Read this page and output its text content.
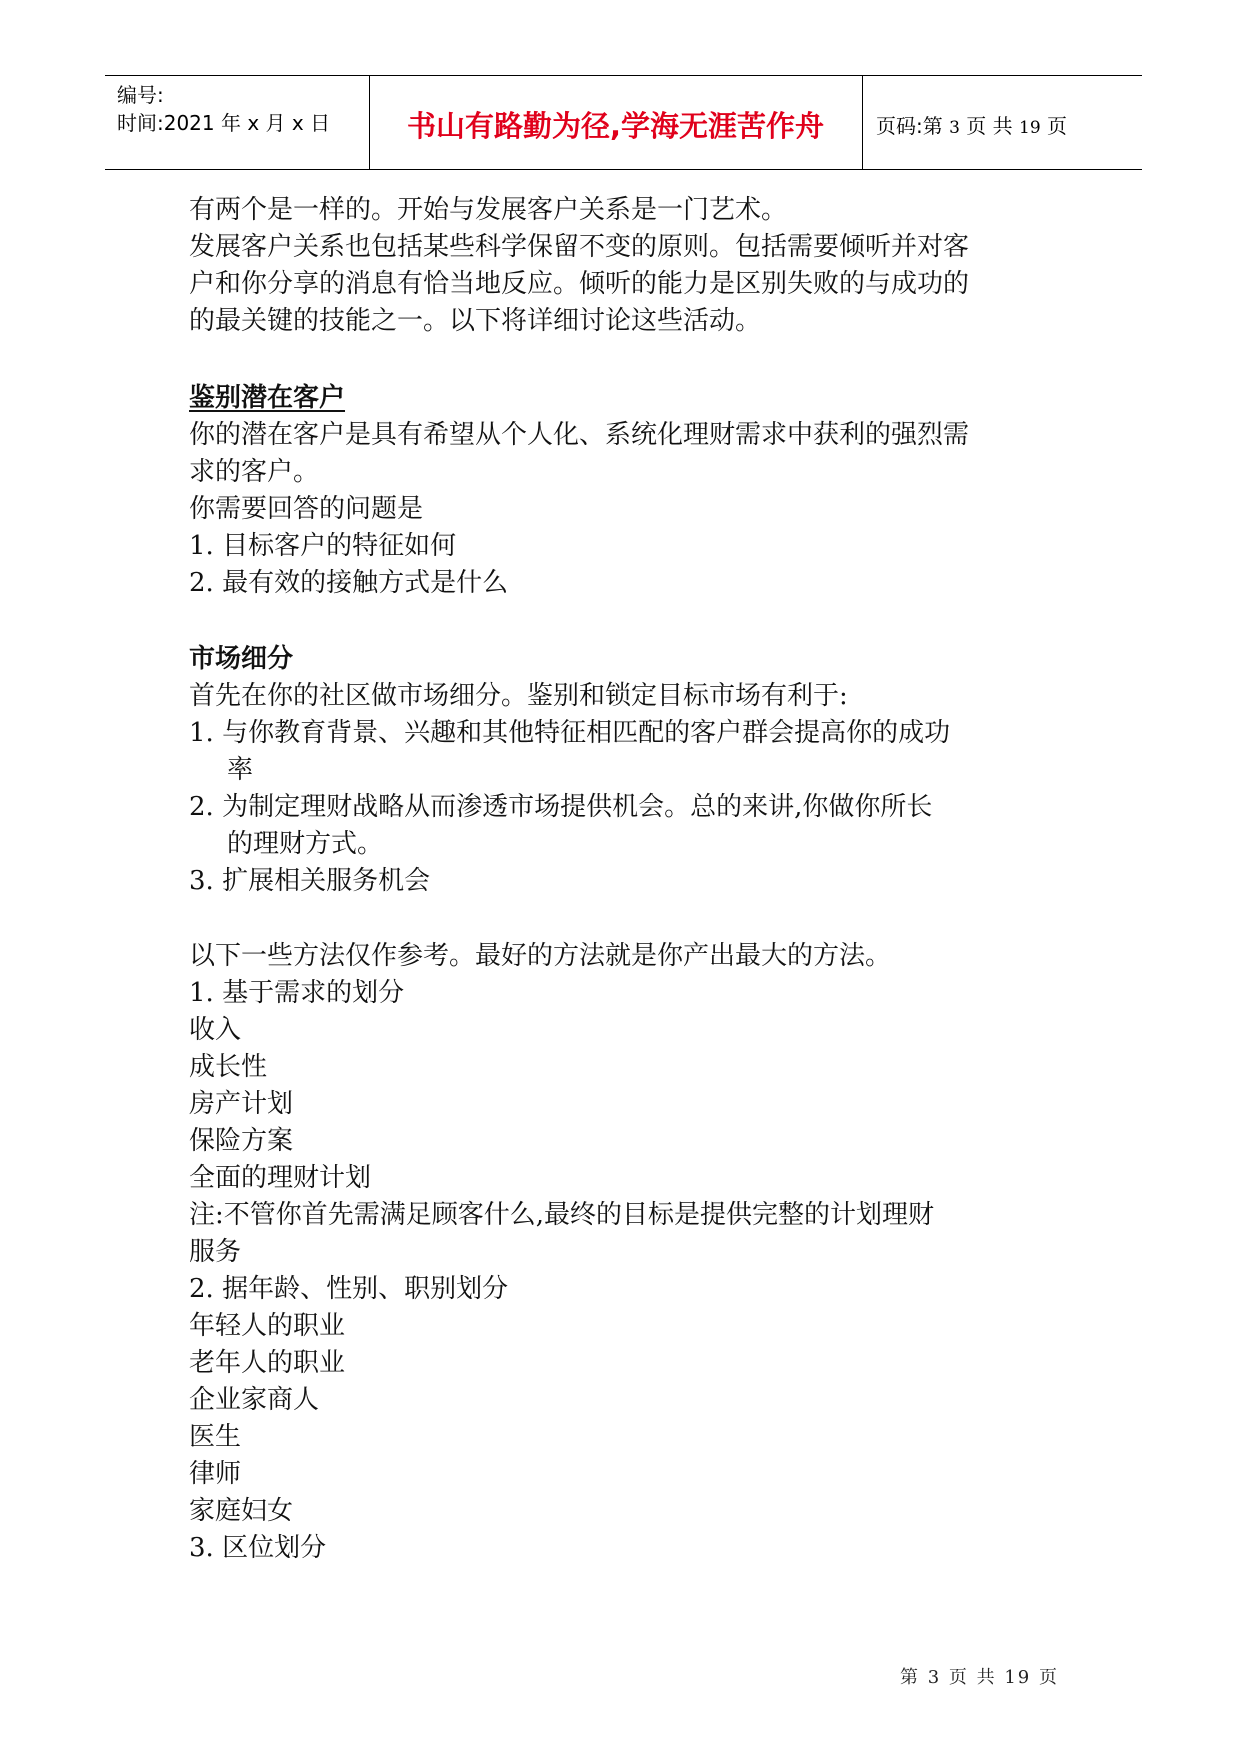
编号:
时间:2021 年 x 月 x 日	书山有路勤为径,学海无涯苦作舟	页码:第 3 页 共 19 页
有两个是一样的。开始与发展客户关系是一门艺术。
发展客户关系也包括某些科学保留不变的原则。包括需要倾听并对客
户和你分享的消息有恰当地反应。倾听的能力是区别失败的与成功的
的最关键的技能之一。以下将详细讨论这些活动。
鉴别潜在客户
你的潜在客户是具有希望从个人化、系统化理财需求中获利的强烈需
求的客户。
你需要回答的问题是
1. 目标客户的特征如何
2. 最有效的接触方式是什么
市场细分
首先在你的社区做市场细分。鉴别和锁定目标市场有利于:
1. 与你教育背景、兴趣和其他特征相匹配的客户群会提高你的成功
率
2. 为制定理财战略从而渗透市场提供机会。总的来讲,你做你所长
的理财方式。
3. 扩展相关服务机会
以下一些方法仅作参考。最好的方法就是你产出最大的方法。
1. 基于需求的划分
收入
成长性
房产计划
保险方案
全面的理财计划
注:不管你首先需满足顾客什么,最终的目标是提供完整的计划理财
服务
2. 据年龄、性别、职别划分
年轻人的职业
老年人的职业
企业家商人
医生
律师
家庭妇女
3. 区位划分
第 3 页 共 19 页
